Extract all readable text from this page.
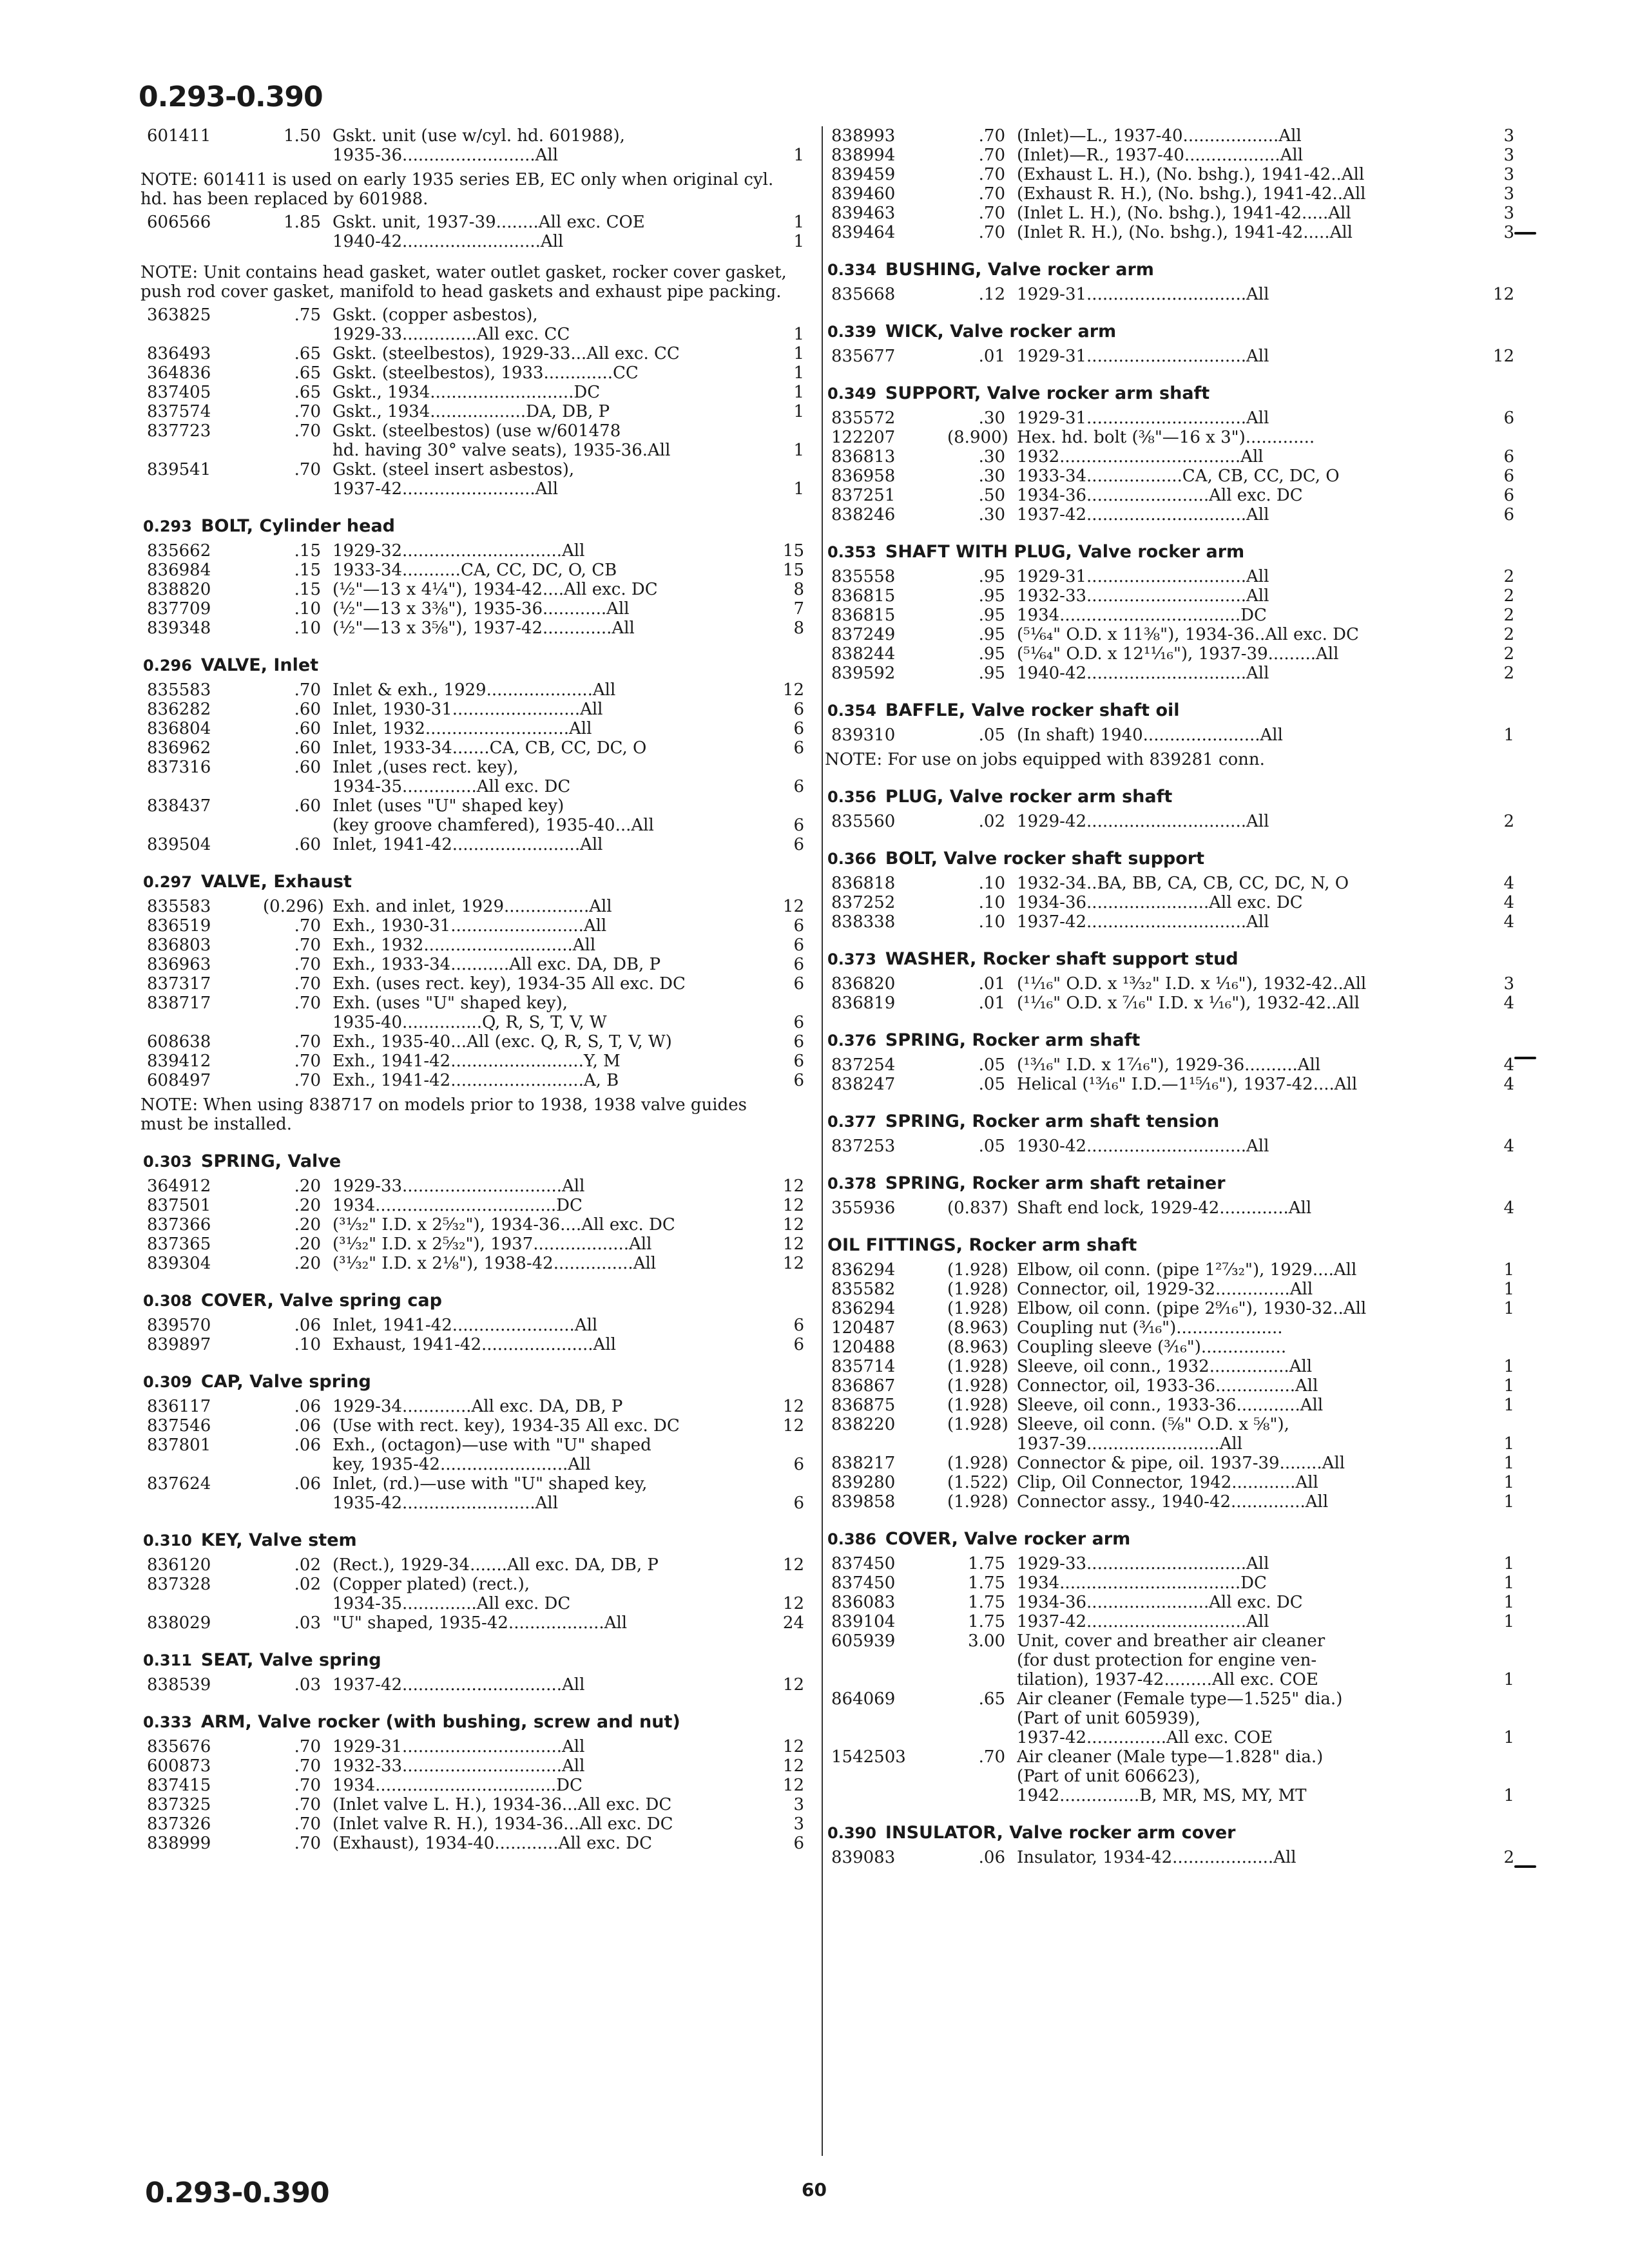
0.293-0.390
601411	1.50 Gskt. unit (use w/cyl. hd. 601988),
1935-36.........................All	1
NOTE: 601411 is used on early 1935 series EB, EC only when original cyl. hd. has been replaced by 601988.
606566	1.85 Gskt. unit, 1937-39........All exc. COE	1
1940-42..........................All	1
NOTE: Unit contains head gasket, water outlet gasket, rocker cover gasket, push rod cover gasket, manifold to head gaskets and exhaust pipe packing.
363825	.75 Gskt. (copper asbestos),
1929-33..............All exc. CC	1
836493	.65 Gskt. (steelbestos), 1929-33...All exc. CC	1
364836	.65 Gskt. (steelbestos), 1933.............CC	1
837405	.65 Gskt., 1934...........................DC	1
837574	.70 Gskt., 1934..................DA, DB, P	1
837723	.70 Gskt. (steelbestos) (use w/601478
hd. having 30° valve seats), 1935-36.All	1
839541	.70 Gskt. (steel insert asbestos),
1937-42.........................All	1
0.293 BOLT, Cylinder head
835662	.15 1929-32..............................All	15
836984	.15 1933-34...........CA, CC, DC, O, CB	15
838820	.15 (½"—13 x 4¼"), 1934-42....All exc. DC	8
837709	.10 (½"—13 x 3⅜"), 1935-36............All	7
839348	.10 (½"—13 x 3⅝"), 1937-42.............All	8
0.296 VALVE, Inlet
835583	.70 Inlet & exh., 1929....................All	12
836282	.60 Inlet, 1930-31........................All	6
836804	.60 Inlet, 1932...........................All	6
836962	.60 Inlet, 1933-34.......CA, CB, CC, DC, O	6
837316	.60 Inlet ,(uses rect. key),
1934-35..............All exc. DC	6
838437	.60 Inlet (uses "U" shaped key)
(key groove chamfered), 1935-40...All	6
839504	.60 Inlet, 1941-42........................All	6
0.297 VALVE, Exhaust
835583	(0.296) Exh. and inlet, 1929................All	12
836519	.70 Exh., 1930-31.........................All	6
836803	.70 Exh., 1932............................All	6
836963	.70 Exh., 1933-34...........All exc. DA, DB, P	6
837317	.70 Exh. (uses rect. key), 1934-35 All exc. DC	6
838717	.70 Exh. (uses "U" shaped key),
1935-40...............Q, R, S, T, V, W	6
608638	.70 Exh., 1935-40...All (exc. Q, R, S, T, V, W)	6
839412	.70 Exh., 1941-42.........................Y, M	6
608497	.70 Exh., 1941-42.........................A, B	6
NOTE: When using 838717 on models prior to 1938, 1938 valve guides must be installed.
0.303 SPRING, Valve
364912	.20 1929-33..............................All	12
837501	.20 1934..................................DC	12
837366	.20 (³¹⁄₃₂" I.D. x 2⁵⁄₃₂"), 1934-36....All exc. DC	12
837365	.20 (³¹⁄₃₂" I.D. x 2⁵⁄₃₂"), 1937..................All	12
839304	.20 (³¹⁄₃₂" I.D. x 2⅛"), 1938-42...............All	12
0.308 COVER, Valve spring cap
839570	.06 Inlet, 1941-42.......................All	6
839897	.10 Exhaust, 1941-42.....................All	6
0.309 CAP, Valve spring
836117	.06 1929-34.............All exc. DA, DB, P	12
837546	.06 (Use with rect. key), 1934-35 All exc. DC	12
837801	.06 Exh., (octagon)—use with "U" shaped
key, 1935-42........................All	6
837624	.06 Inlet, (rd.)—use with "U" shaped key,
1935-42.........................All	6
0.310 KEY, Valve stem
836120	.02 (Rect.), 1929-34.......All exc. DA, DB, P	12
837328	.02 (Copper plated) (rect.),
1934-35..............All exc. DC	12
838029	.03 "U" shaped, 1935-42..................All	24
0.311 SEAT, Valve spring
838539	.03 1937-42..............................All	12
0.333 ARM, Valve rocker (with bushing, screw and nut)
835676	.70 1929-31..............................All	12
600873	.70 1932-33..............................All	12
837415	.70 1934..................................DC	12
837325	.70 (Inlet valve L. H.), 1934-36...All exc. DC	3
837326	.70 (Inlet valve R. H.), 1934-36...All exc. DC	3
838999	.70 (Exhaust), 1934-40............All exc. DC	6
838993	.70 (Inlet)—L., 1937-40..................All	3
838994	.70 (Inlet)—R., 1937-40..................All	3
839459	.70 (Exhaust L. H.), (No. bshg.), 1941-42..All	3
839460	.70 (Exhaust R. H.), (No. bshg.), 1941-42..All	3
839463	.70 (Inlet L. H.), (No. bshg.), 1941-42.....All	3
839464	.70 (Inlet R. H.), (No. bshg.), 1941-42.....All	3
0.334 BUSHING, Valve rocker arm
835668	.12 1929-31..............................All	12
0.339 WICK, Valve rocker arm
835677	.01 1929-31..............................All	12
0.349 SUPPORT, Valve rocker arm shaft
835572	.30 1929-31..............................All	6
122207	(8.900) Hex. hd. bolt (⅜"—16 x 3").............
836813	.30 1932..................................All	6
836958	.30 1933-34..................CA, CB, CC, DC, O	6
837251	.50 1934-36.......................All exc. DC	6
838246	.30 1937-42..............................All	6
0.353 SHAFT WITH PLUG, Valve rocker arm
835558	.95 1929-31..............................All	2
836815	.95 1932-33..............................All	2
836815	.95 1934..................................DC	2
837249	.95 (⁵¹⁄₆₄" O.D. x 11⅜"), 1934-36..All exc. DC	2
838244	.95 (⁵¹⁄₆₄" O.D. x 12¹¹⁄₁₆"), 1937-39.........All	2
839592	.95 1940-42..............................All	2
0.354 BAFFLE, Valve rocker shaft oil
839310	.05 (In shaft) 1940......................All	1
NOTE: For use on jobs equipped with 839281 conn.
0.356 PLUG, Valve rocker arm shaft
835560	.02 1929-42..............................All	2
0.366 BOLT, Valve rocker shaft support
836818	.10 1932-34..BA, BB, CA, CB, CC, DC, N, O	4
837252	.10 1934-36.......................All exc. DC	4
838338	.10 1937-42..............................All	4
0.373 WASHER, Rocker shaft support stud
836820	.01 (¹¹⁄₁₆" O.D. x ¹³⁄₃₂" I.D. x ¹⁄₁₆"), 1932-42..All	3
836819	.01 (¹¹⁄₁₆" O.D. x ⁷⁄₁₆" I.D. x ¹⁄₁₆"), 1932-42..All	4
0.376 SPRING, Rocker arm shaft
837254	.05 (¹³⁄₁₆" I.D. x 1⁷⁄₁₆"), 1929-36..........All	4
838247	.05 Helical (¹³⁄₁₆" I.D.—1¹⁵⁄₁₆"), 1937-42....All	4
0.377 SPRING, Rocker arm shaft tension
837253	.05 1930-42..............................All	4
0.378 SPRING, Rocker arm shaft retainer
355936	(0.837) Shaft end lock, 1929-42.............All	4
OIL FITTINGS, Rocker arm shaft
836294	(1.928) Elbow, oil conn. (pipe 1²⁷⁄₃₂"), 1929....All	1
835582	(1.928) Connector, oil, 1929-32..............All	1
836294	(1.928) Elbow, oil conn. (pipe 2⁹⁄₁₆"), 1930-32..All	1
120487	(8.963) Coupling nut (³⁄₁₆")....................
120488	(8.963) Coupling sleeve (³⁄₁₆")................
835714	(1.928) Sleeve, oil conn., 1932...............All	1
836867	(1.928) Connector, oil, 1933-36...............All	1
836875	(1.928) Sleeve, oil conn., 1933-36............All	1
838220	(1.928) Sleeve, oil conn. (⅝" O.D. x ⅝"),
1937-39.........................All	1
838217	(1.928) Connector & pipe, oil. 1937-39........All	1
839280	(1.522) Clip, Oil Connector, 1942............All	1
839858	(1.928) Connector assy., 1940-42..............All	1
0.386 COVER, Valve rocker arm
837450	1.75 1929-33..............................All	1
837450	1.75 1934..................................DC	1
836083	1.75 1934-36.......................All exc. DC	1
839104	1.75 1937-42..............................All	1
605939	3.00 Unit, cover and breather air cleaner
(for dust protection for engine ven-
tilation), 1937-42.........All exc. COE	1
864069	.65 Air cleaner (Female type—1.525" dia.)
(Part of unit 605939),
1937-42...............All exc. COE	1
1542503	.70 Air cleaner (Male type—1.828" dia.)
(Part of unit 606623),
1942...............B, MR, MS, MY, MT	1
0.390 INSULATOR, Valve rocker arm cover
839083	.06 Insulator, 1934-42...................All	2
0.293-0.390	60
